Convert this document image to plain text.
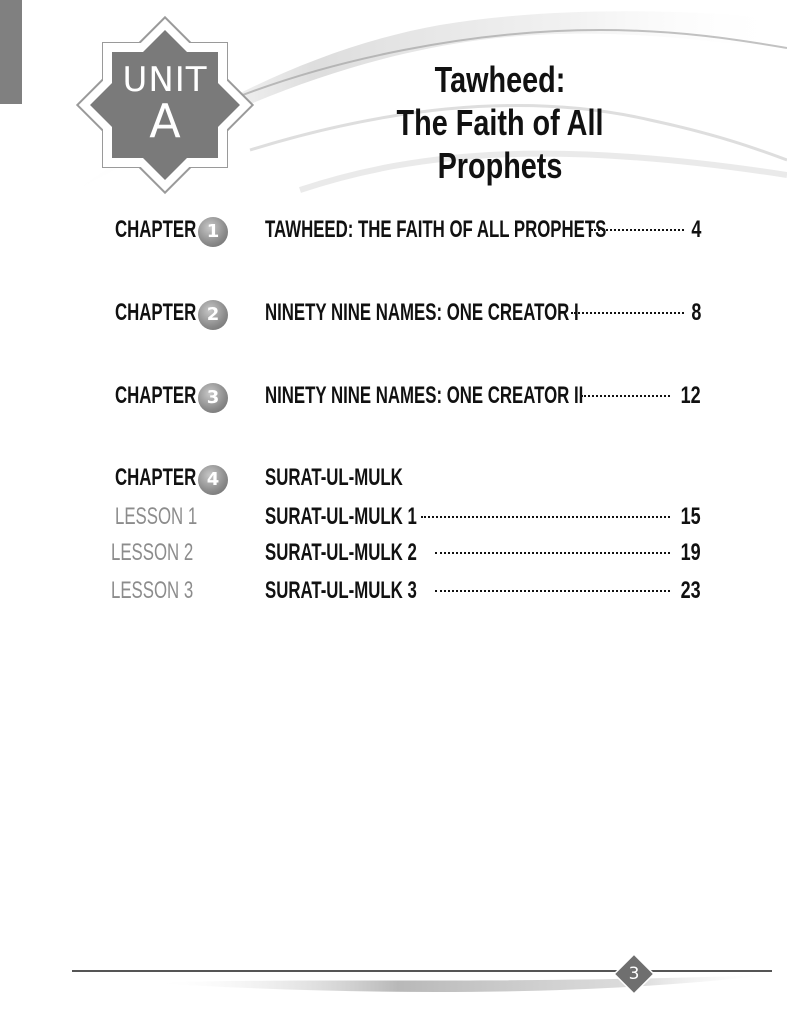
UNIT
A
Tawheed:
The Faith of All Prophets
CHAPTER 1	TAWHEED: THE FAITH OF ALL PROPHETS	4
CHAPTER 2	NINETY NINE NAMES: ONE CREATOR I	8
CHAPTER 3	NINETY NINE NAMES: ONE CREATOR II	12
CHAPTER 4	SURAT-UL-MULK
LESSON 1	SURAT-UL-MULK 1	15
LESSON 2	SURAT-UL-MULK 2	19
LESSON 3	SURAT-UL-MULK 3	23
3
